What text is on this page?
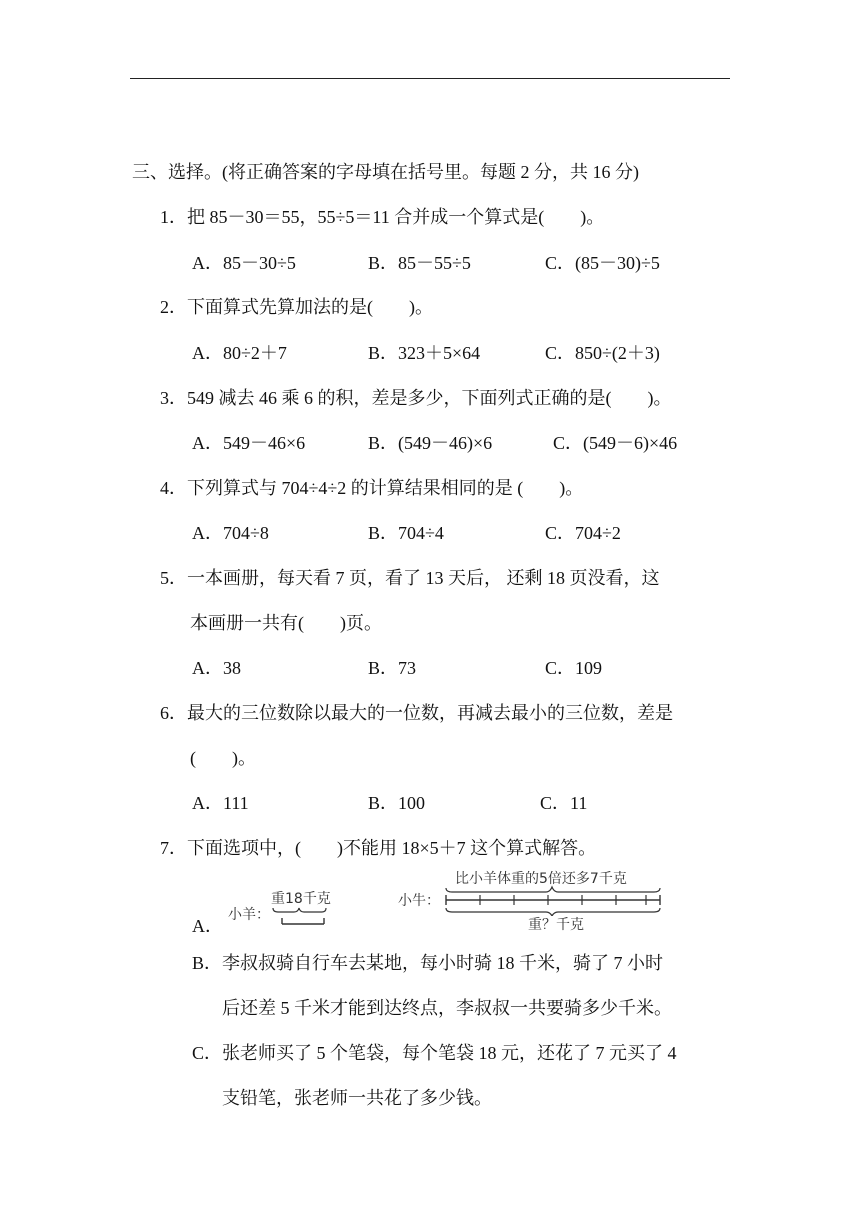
三、选择。(将正确答案的字母填在括号里。每题 2 分，共 16 分)
1．把 85－30＝55，55÷5＝11 合并成一个算式是(　　)。
A．85－30÷5	B．85－55÷5	C．(85－30)÷5
2．下面算式先算加法的是(　　)。
A．80÷2＋7	B．323＋5×64	C．850÷(2＋3)
3．549 减去 46 乘 6 的积，差是多少，下面列式正确的是(　　)。
A．549－46×6	B．(549－46)×6	C．(549－6)×46
4．下列算式与 704÷4÷2 的计算结果相同的是 (　　)。
A．704÷8	B．704÷4	C．704÷2
5．一本画册，每天看 7 页，看了 13 天后， 还剩 18 页没看，这
本画册一共有(　　)页。
A．38	B．73	C．109
6．最大的三位数除以最大的一位数，再减去最小的三位数，差是
(　　)。
A．111	B．100	C．11
7．下面选项中，(　　)不能用 18×5＋7 这个算式解答。
A．
小羊：
重18千克	小牛：
比小羊体重的5倍还多7千克
重？千克
B．李叔叔骑自行车去某地，每小时骑 18 千米，骑了 7 小时
后还差 5 千米才能到达终点，李叔叔一共要骑多少千米。
C．张老师买了 5 个笔袋，每个笔袋 18 元，还花了 7 元买了 4
支铅笔，张老师一共花了多少钱。
